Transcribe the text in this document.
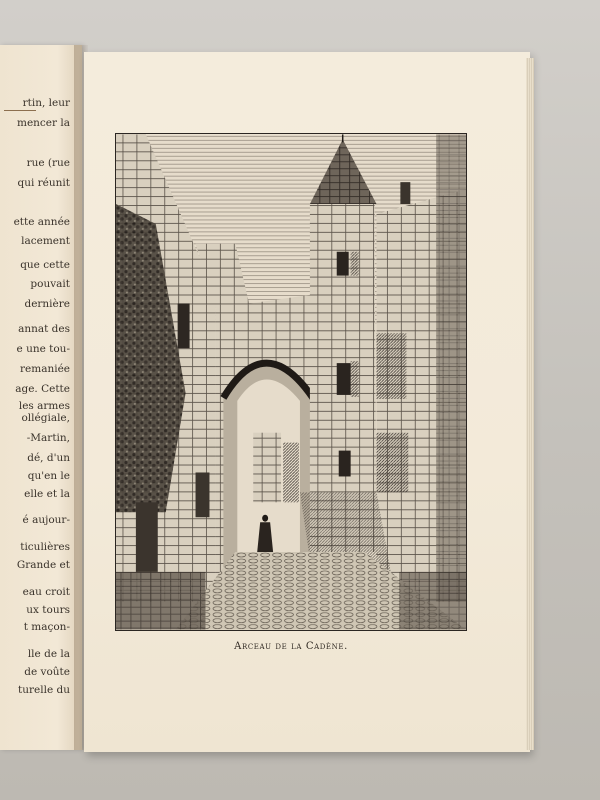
rtin, leur
mencer la
rue (rue
qui réunit
ette année
lacement
que cette
pouvait
dernière
annat des
e une tou-
remaniée
age. Cette
les armes
ollégiale,
-Martin,
dé, d'un
qu'en le
elle et la
é aujour-
ticulières
Grande et
eau croit
ux tours
t maçon-
lle de la
de voûte
turelle du
Arceau de la Cadène.
